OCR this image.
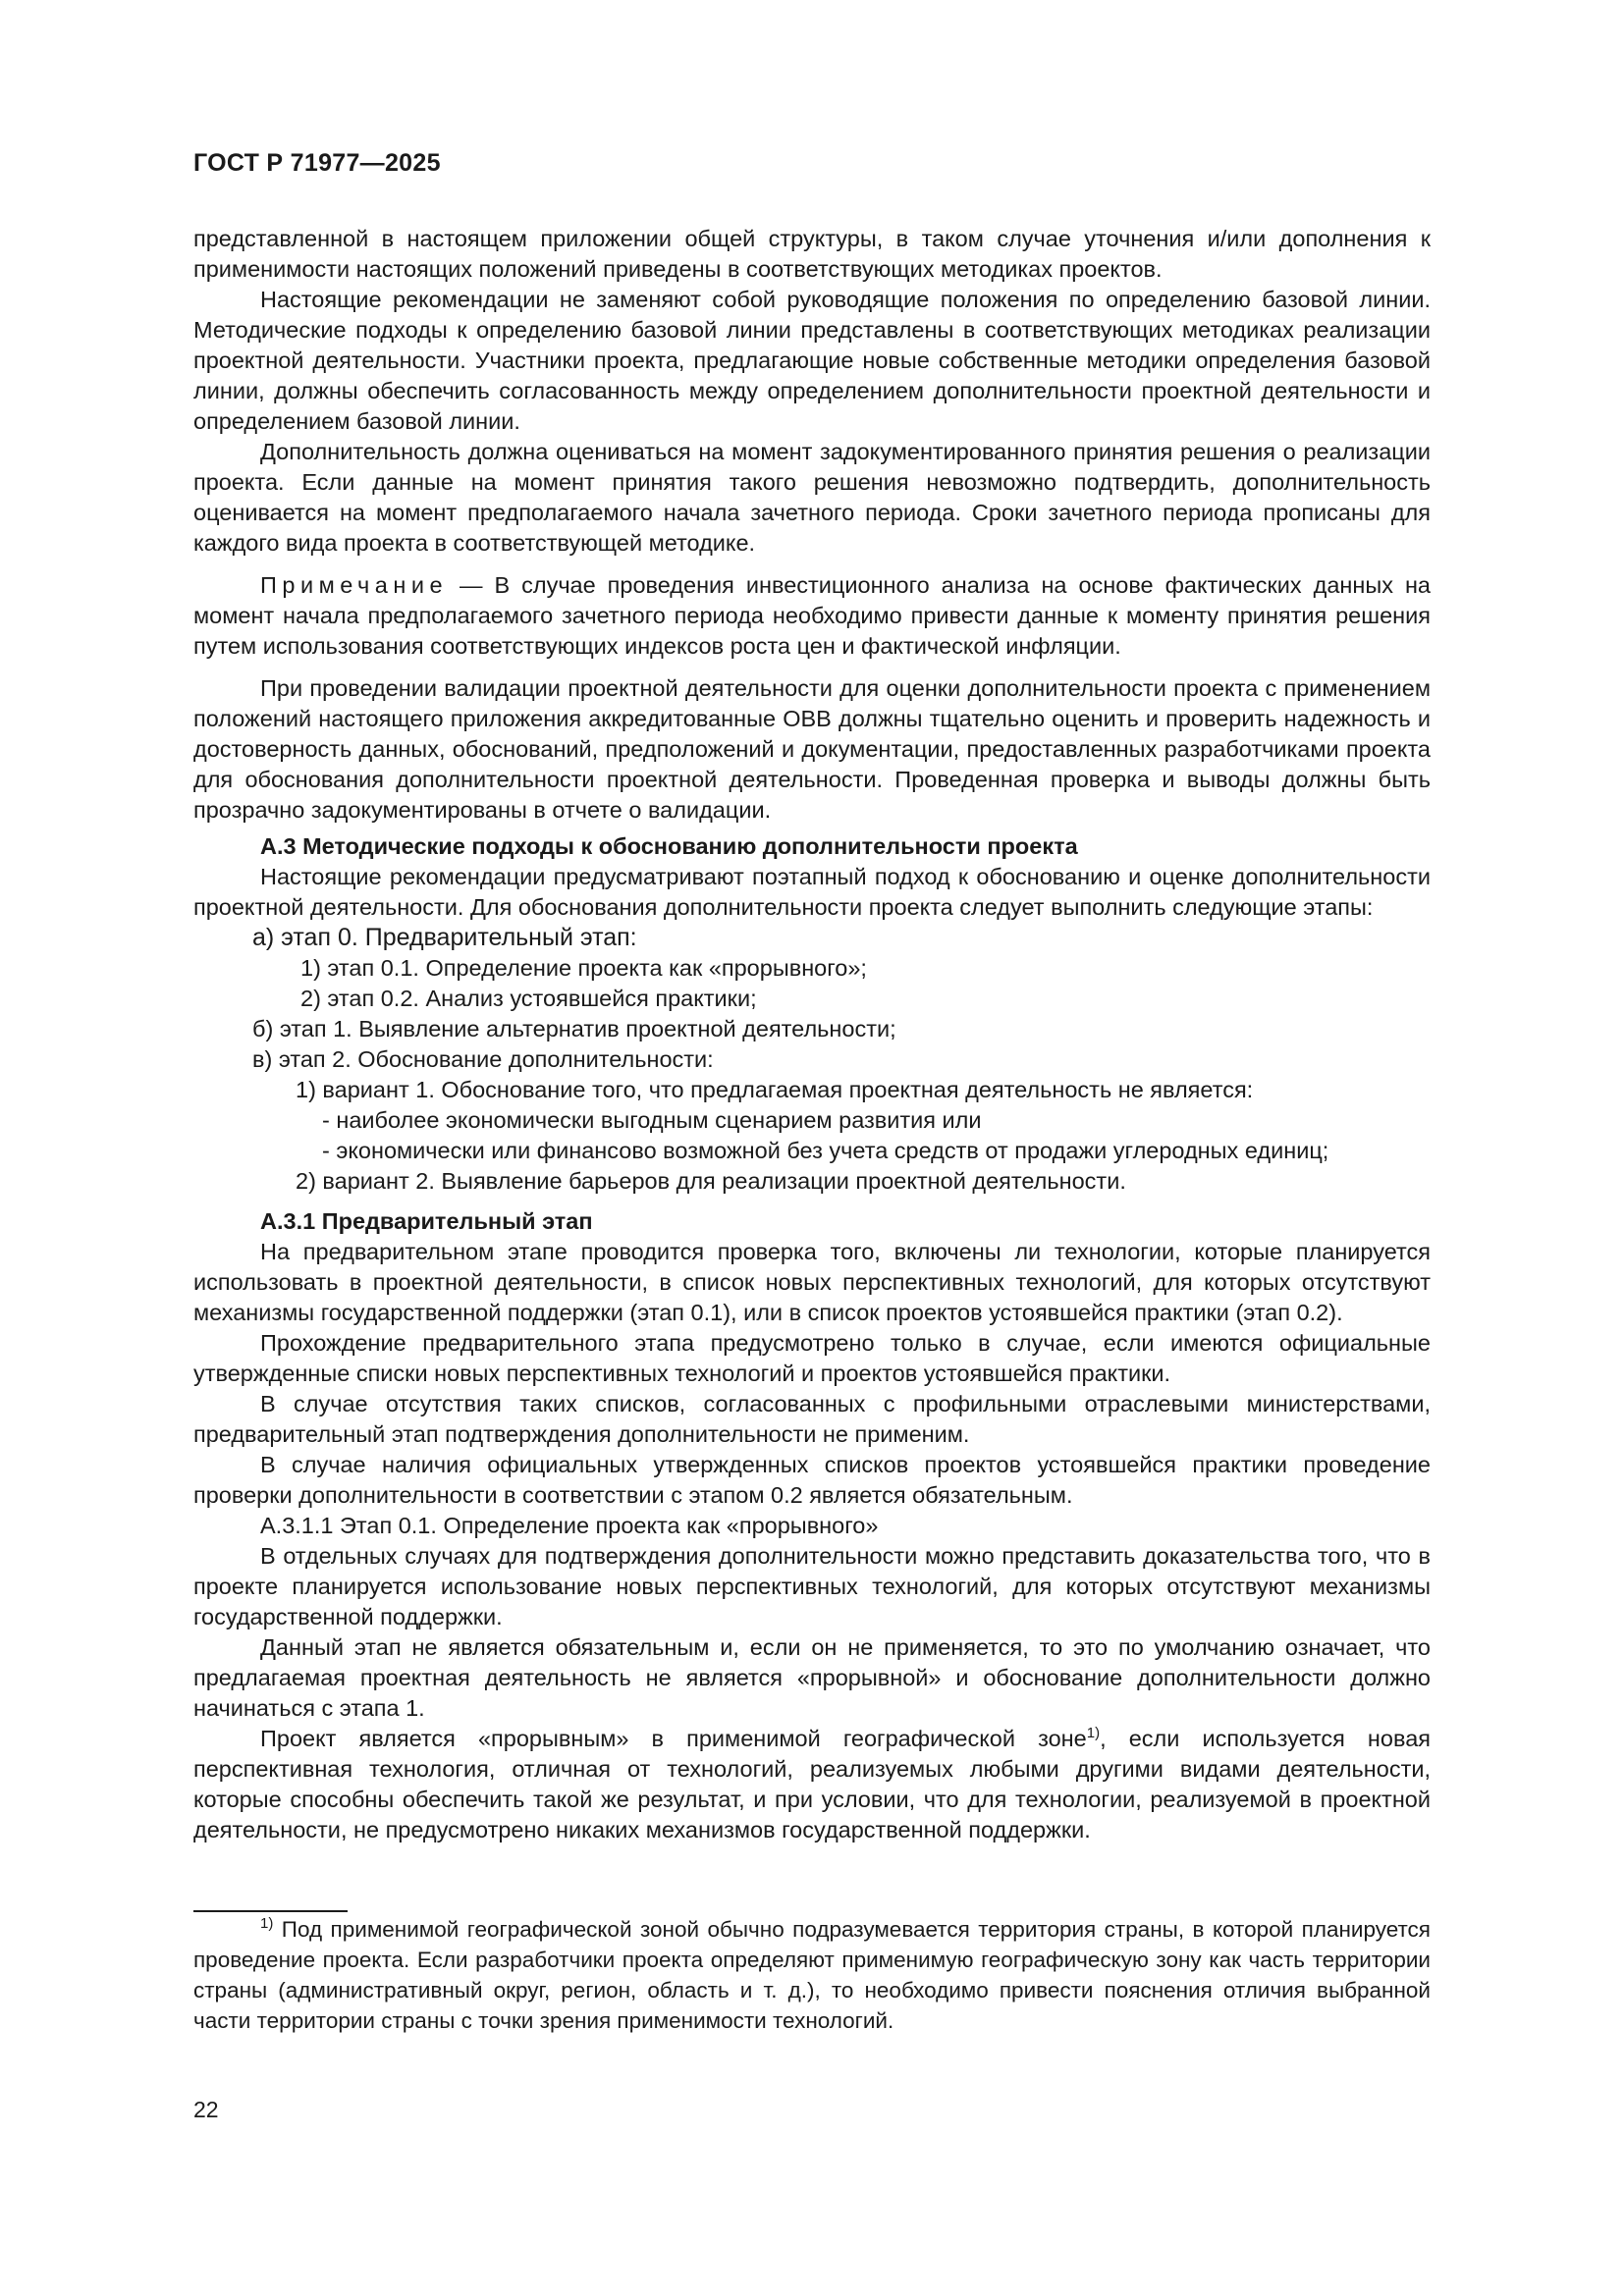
ГОСТ Р 71977—2025

представленной в настоящем приложении общей структуры, в таком случае уточнения и/или дополнения к применимости настоящих положений приведены в соответствующих методиках проектов.

Настоящие рекомендации не заменяют собой руководящие положения по определению базовой линии. Методические подходы к определению базовой линии представлены в соответствующих методиках реализации проектной деятельности. Участники проекта, предлагающие новые собственные методики определения базовой линии, должны обеспечить согласованность между определением дополнительности проектной деятельности и определением базовой линии.

Дополнительность должна оцениваться на момент задокументированного принятия решения о реализации проекта. Если данные на момент принятия такого решения невозможно подтвердить, дополнительность оценивается на момент предполагаемого начала зачетного периода. Сроки зачетного периода прописаны для каждого вида проекта в соответствующей методике.

Примечание — В случае проведения инвестиционного анализа на основе фактических данных на момент начала предполагаемого зачетного периода необходимо привести данные к моменту принятия решения путем использования соответствующих индексов роста цен и фактической инфляции.

При проведении валидации проектной деятельности для оценки дополнительности проекта с применением положений настоящего приложения аккредитованные ОВВ должны тщательно оценить и проверить надежность и достоверность данных, обоснований, предположений и документации, предоставленных разработчиками проекта для обоснования дополнительности проектной деятельности. Проведенная проверка и выводы должны быть прозрачно задокументированы в отчете о валидации.

А.3 Методические подходы к обоснованию дополнительности проекта

Настоящие рекомендации предусматривают поэтапный подход к обоснованию и оценке дополнительности проектной деятельности. Для обоснования дополнительности проекта следует выполнить следующие этапы:

а) этап 0. Предварительный этап:

1) этап 0.1. Определение проекта как «прорывного»;

2) этап 0.2. Анализ устоявшейся практики;

б) этап 1. Выявление альтернатив проектной деятельности;

в) этап 2. Обоснование дополнительности:

1) вариант 1. Обоснование того, что предлагаемая проектная деятельность не является:

- наиболее экономически выгодным сценарием развития или

- экономически или финансово возможной без учета средств от продажи углеродных единиц;

2) вариант 2. Выявление барьеров для реализации проектной деятельности.

А.3.1 Предварительный этап

На предварительном этапе проводится проверка того, включены ли технологии, которые планируется использовать в проектной деятельности, в список новых перспективных технологий, для которых отсутствуют механизмы государственной поддержки (этап 0.1), или в список проектов устоявшейся практики (этап 0.2).

Прохождение предварительного этапа предусмотрено только в случае, если имеются официальные утвержденные списки новых перспективных технологий и проектов устоявшейся практики.

В случае отсутствия таких списков, согласованных с профильными отраслевыми министерствами, предварительный этап подтверждения дополнительности не применим.

В случае наличия официальных утвержденных списков проектов устоявшейся практики проведение проверки дополнительности в соответствии с этапом 0.2 является обязательным.

А.3.1.1 Этап 0.1. Определение проекта как «прорывного»

В отдельных случаях для подтверждения дополнительности можно представить доказательства того, что в проекте планируется использование новых перспективных технологий, для которых отсутствуют механизмы государственной поддержки.

Данный этап не является обязательным и, если он не применяется, то это по умолчанию означает, что предлагаемая проектная деятельность не является «прорывной» и обоснование дополнительности должно начинаться с этапа 1.

Проект является «прорывным» в применимой географической зоне$^{1)}$, если используется новая перспективная технология, отличная от технологий, реализуемых любыми другими видами деятельности, которые способны обеспечить такой же результат, и при условии, что для технологии, реализуемой в проектной деятельности, не предусмотрено никаких механизмов государственной поддержки.

$^{1)}$ Под применимой географической зоной обычно подразумевается территория страны, в которой планируется проведение проекта. Если разработчики проекта определяют применимую географическую зону как часть территории страны (административный округ, регион, область и т. д.), то необходимо привести пояснения отличия выбранной части территории страны с точки зрения применимости технологий.
22
